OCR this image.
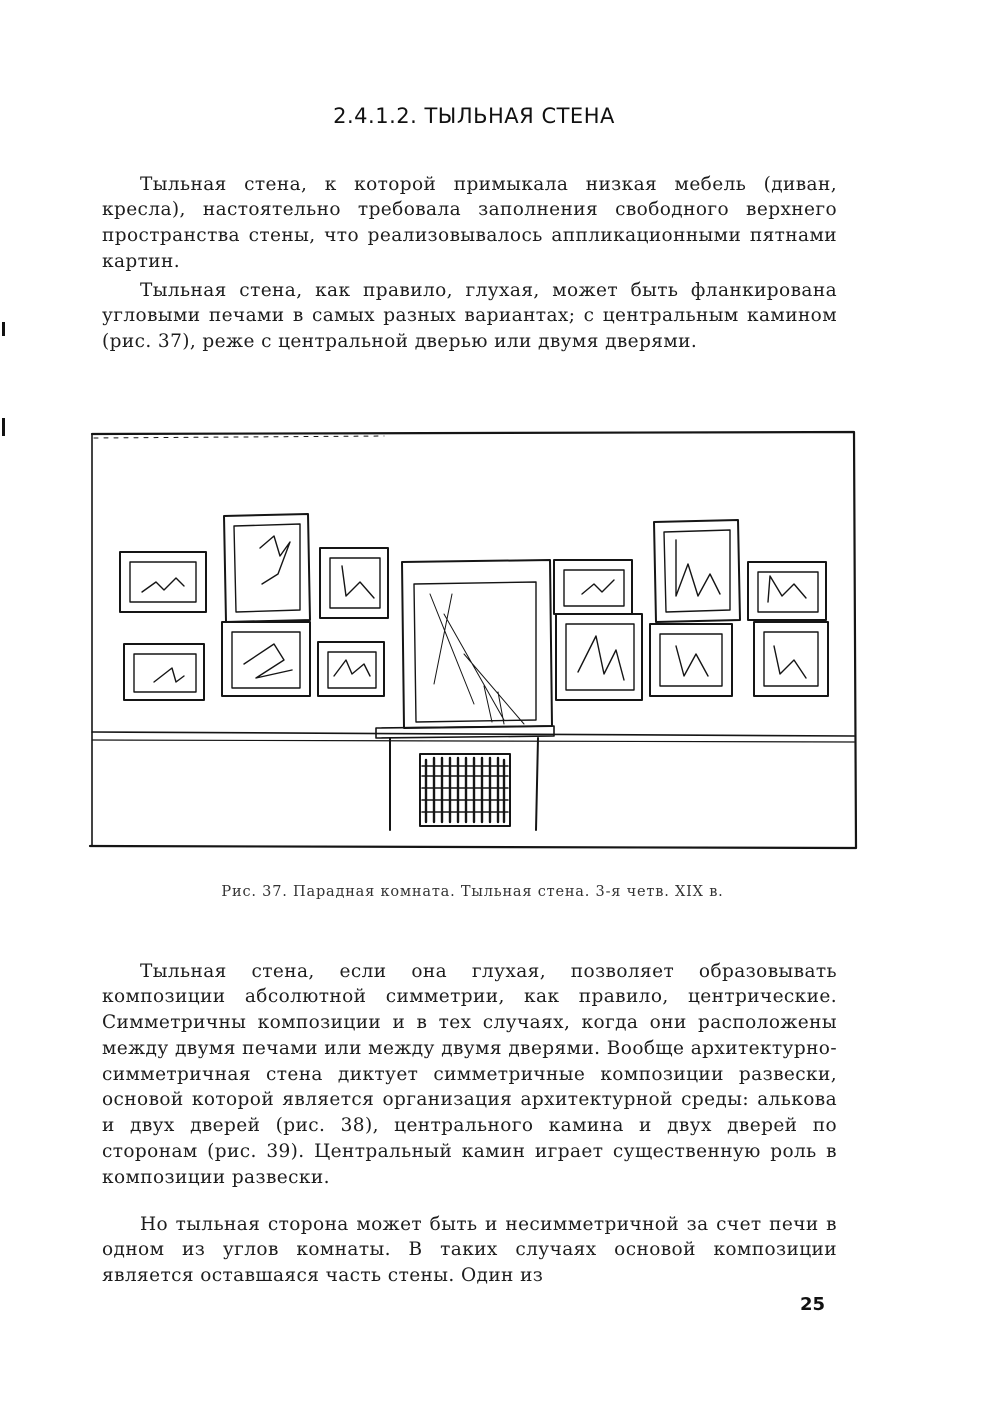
2.4.1.2. ТЫЛЬНАЯ СТЕНА

Тыльная стена, к которой примыкала низкая мебель (диван, кресла), настоятельно требовала заполнения свободного верхнего пространства стены, что реализовывалось аппликационными пятнами картин.

Тыльная стена, как правило, глухая, может быть фланкирована угловыми печами в самых разных вариантах; с центральным камином (рис. 37), реже с центральной дверью или двумя дверями.

Рис. 37. Парадная комната. Тыльная стена. 3-я четв. XIX в.

Тыльная стена, если она глухая, позволяет образовывать композиции абсолютной симметрии, как правило, центрические. Симметричны композиции и в тех случаях, когда они расположены между двумя печами или между двумя дверями. Вообще архитектурно-симметричная стена диктует симметричные композиции развески, основой которой является организация архитектурной среды: алькова и двух дверей (рис. 38), центрального камина и двух дверей по сторонам (рис. 39). Центральный камин играет существенную роль в композиции развески.

Но тыльная сторона может быть и несимметричной за счет печи в одном из углов комнаты. В таких случаях основой композиции является оставшаяся часть стены. Один из

25
